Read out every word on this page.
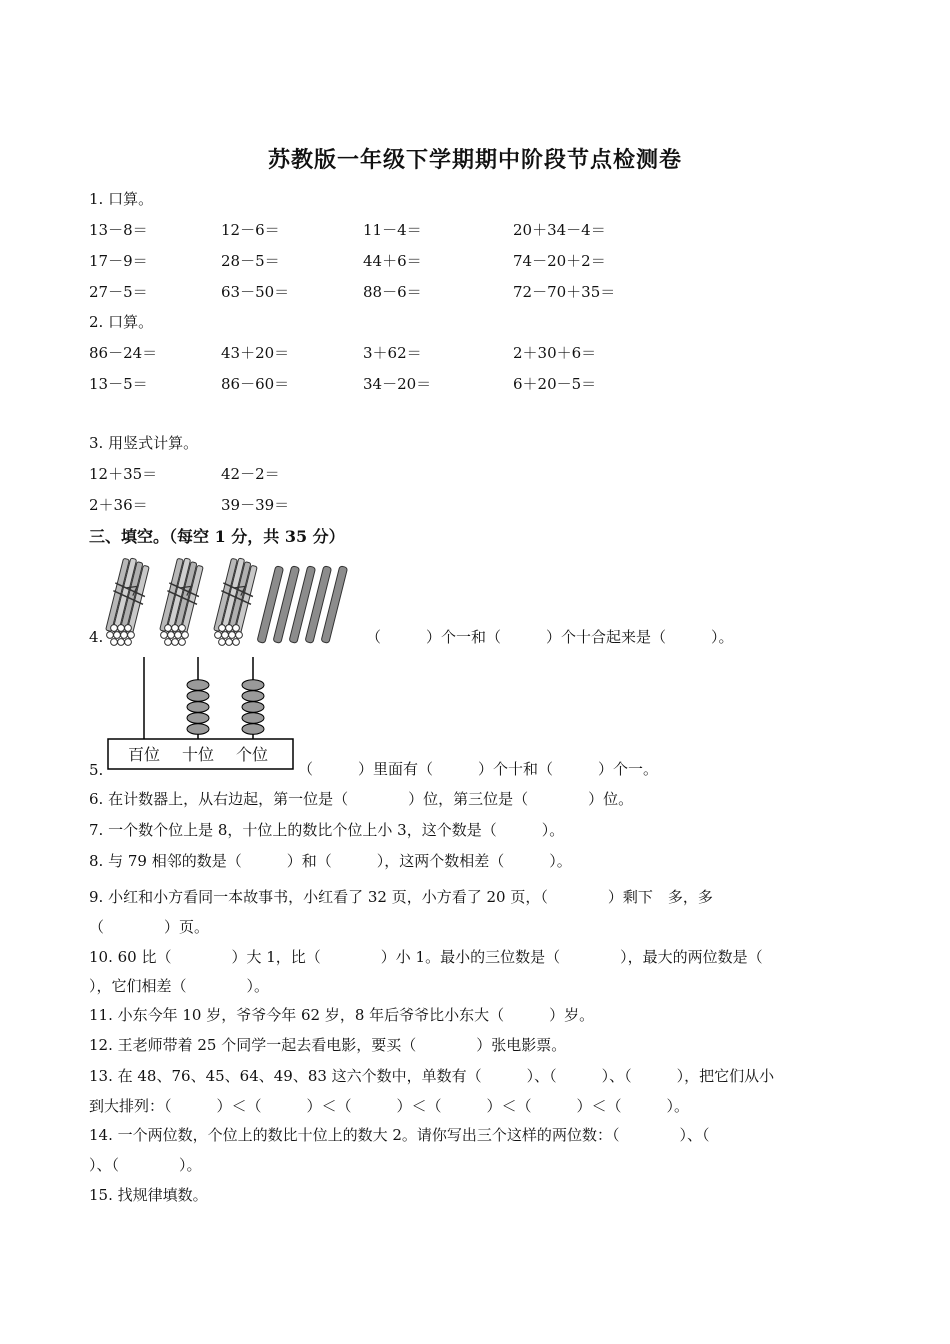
苏教版一年级下学期期中阶段节点检测卷
1. 口算。
13－8＝	12－6＝	11－4＝	20＋34－4＝
17－9＝	28－5＝	44＋6＝	74－20＋2＝
27－5＝	63－50＝	88－6＝	72－70＋35＝
2. 口算。
86－24＝	43＋20＝	3＋62＝	2＋30＋6＝
13－5＝	86－60＝	34－20＝	6＋20－5＝
3. 用竖式计算。
12＋35＝	42－2＝
2＋36＝	39－39＝
三、填空。（每空 1 分，共 35 分）
4.	（　　　）个一和（　　　）个十合起来是（　　　）。
百位 十位 个位
5.	（　　　）里面有（　　　）个十和（　　　）个一。
6. 在计数器上，从右边起，第一位是（　　　　）位，第三位是（　　　　）位。
7. 一个数个位上是 8，十位上的数比个位上小 3，这个数是（　　　）。
8. 与 79 相邻的数是（　　　）和（　　　），这两个数相差（　　　）。
9. 小红和小方看同一本故事书，小红看了 32 页，小方看了 20 页，（　　　　）剩下　多，多
（　　　　）页。
10. 60 比（　　　　）大 1，比（　　　　）小 1。最小的三位数是（　　　　），最大的两位数是（
），它们相差（　　　　）。
11. 小东今年 10 岁，爷爷今年 62 岁，8 年后爷爷比小东大（　　　）岁。
12. 王老师带着 25 个同学一起去看电影，要买（　　　　）张电影票。
13. 在 48、76、45、64、49、83 这六个数中，单数有（　　　）、（　　　）、（　　　），把它们从小
到大排列：（　　　）＜（　　　）＜（　　　）＜（　　　）＜（　　　）＜（　　　）。
14. 一个两位数，个位上的数比十位上的数大 2。请你写出三个这样的两位数：（　　　　）、（
）、（　　　　）。
15. 找规律填数。
